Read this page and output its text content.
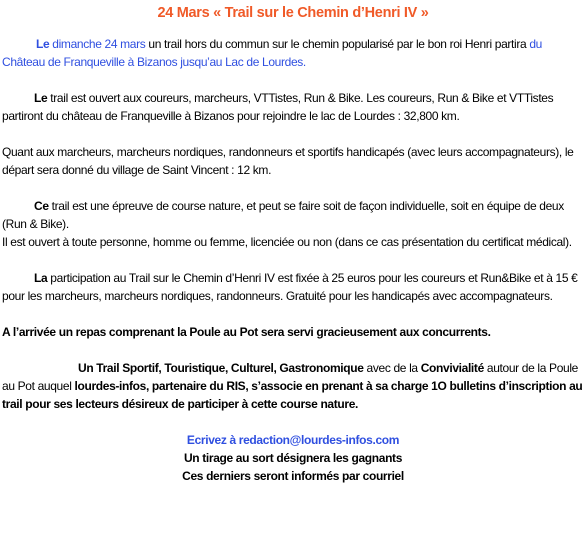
24 Mars « Trail sur le Chemin d’Henri IV »

Le dimanche 24 mars un trail hors du commun sur le chemin popularisé par le bon roi Henri partira du Château de Franqueville à Bizanos jusqu’au Lac de Lourdes.

Le trail est ouvert aux coureurs, marcheurs, VTTistes, Run & Bike. Les coureurs, Run & Bike et VTTistes partiront du château de Franqueville à Bizanos pour rejoindre le lac de Lourdes : 32,800 km.

Quant aux marcheurs, marcheurs nordiques, randonneurs et sportifs handicapés (avec leurs accompagnateurs), le départ sera donné du village de Saint Vincent : 12 km.

Ce trail est une épreuve de course nature, et peut se faire soit de façon individuelle, soit en équipe de deux (Run & Bike).
Il est ouvert à toute personne, homme ou femme, licenciée ou non (dans ce cas présentation du certificat médical).

La participation au Trail sur le Chemin d’Henri IV est fixée à 25 euros pour les coureurs et Run&Bike et à 15 € pour les marcheurs, marcheurs nordiques, randonneurs. Gratuité pour les handicapés avec accompagnateurs.

A l’arrivée un repas comprenant la Poule au Pot sera servi gracieusement aux concurrents.

Un Trail Sportif, Touristique, Culturel, Gastronomique avec de la Convivialité autour de la Poule au Pot auquel lourdes-infos, partenaire du RIS, s’associe en prenant à sa charge 1O bulletins d’inscription au trail pour ses lecteurs désireux de participer à cette course nature.

Ecrivez à redaction@lourdes-infos.com
Un tirage au sort désignera les gagnants
Ces derniers seront informés par courriel
